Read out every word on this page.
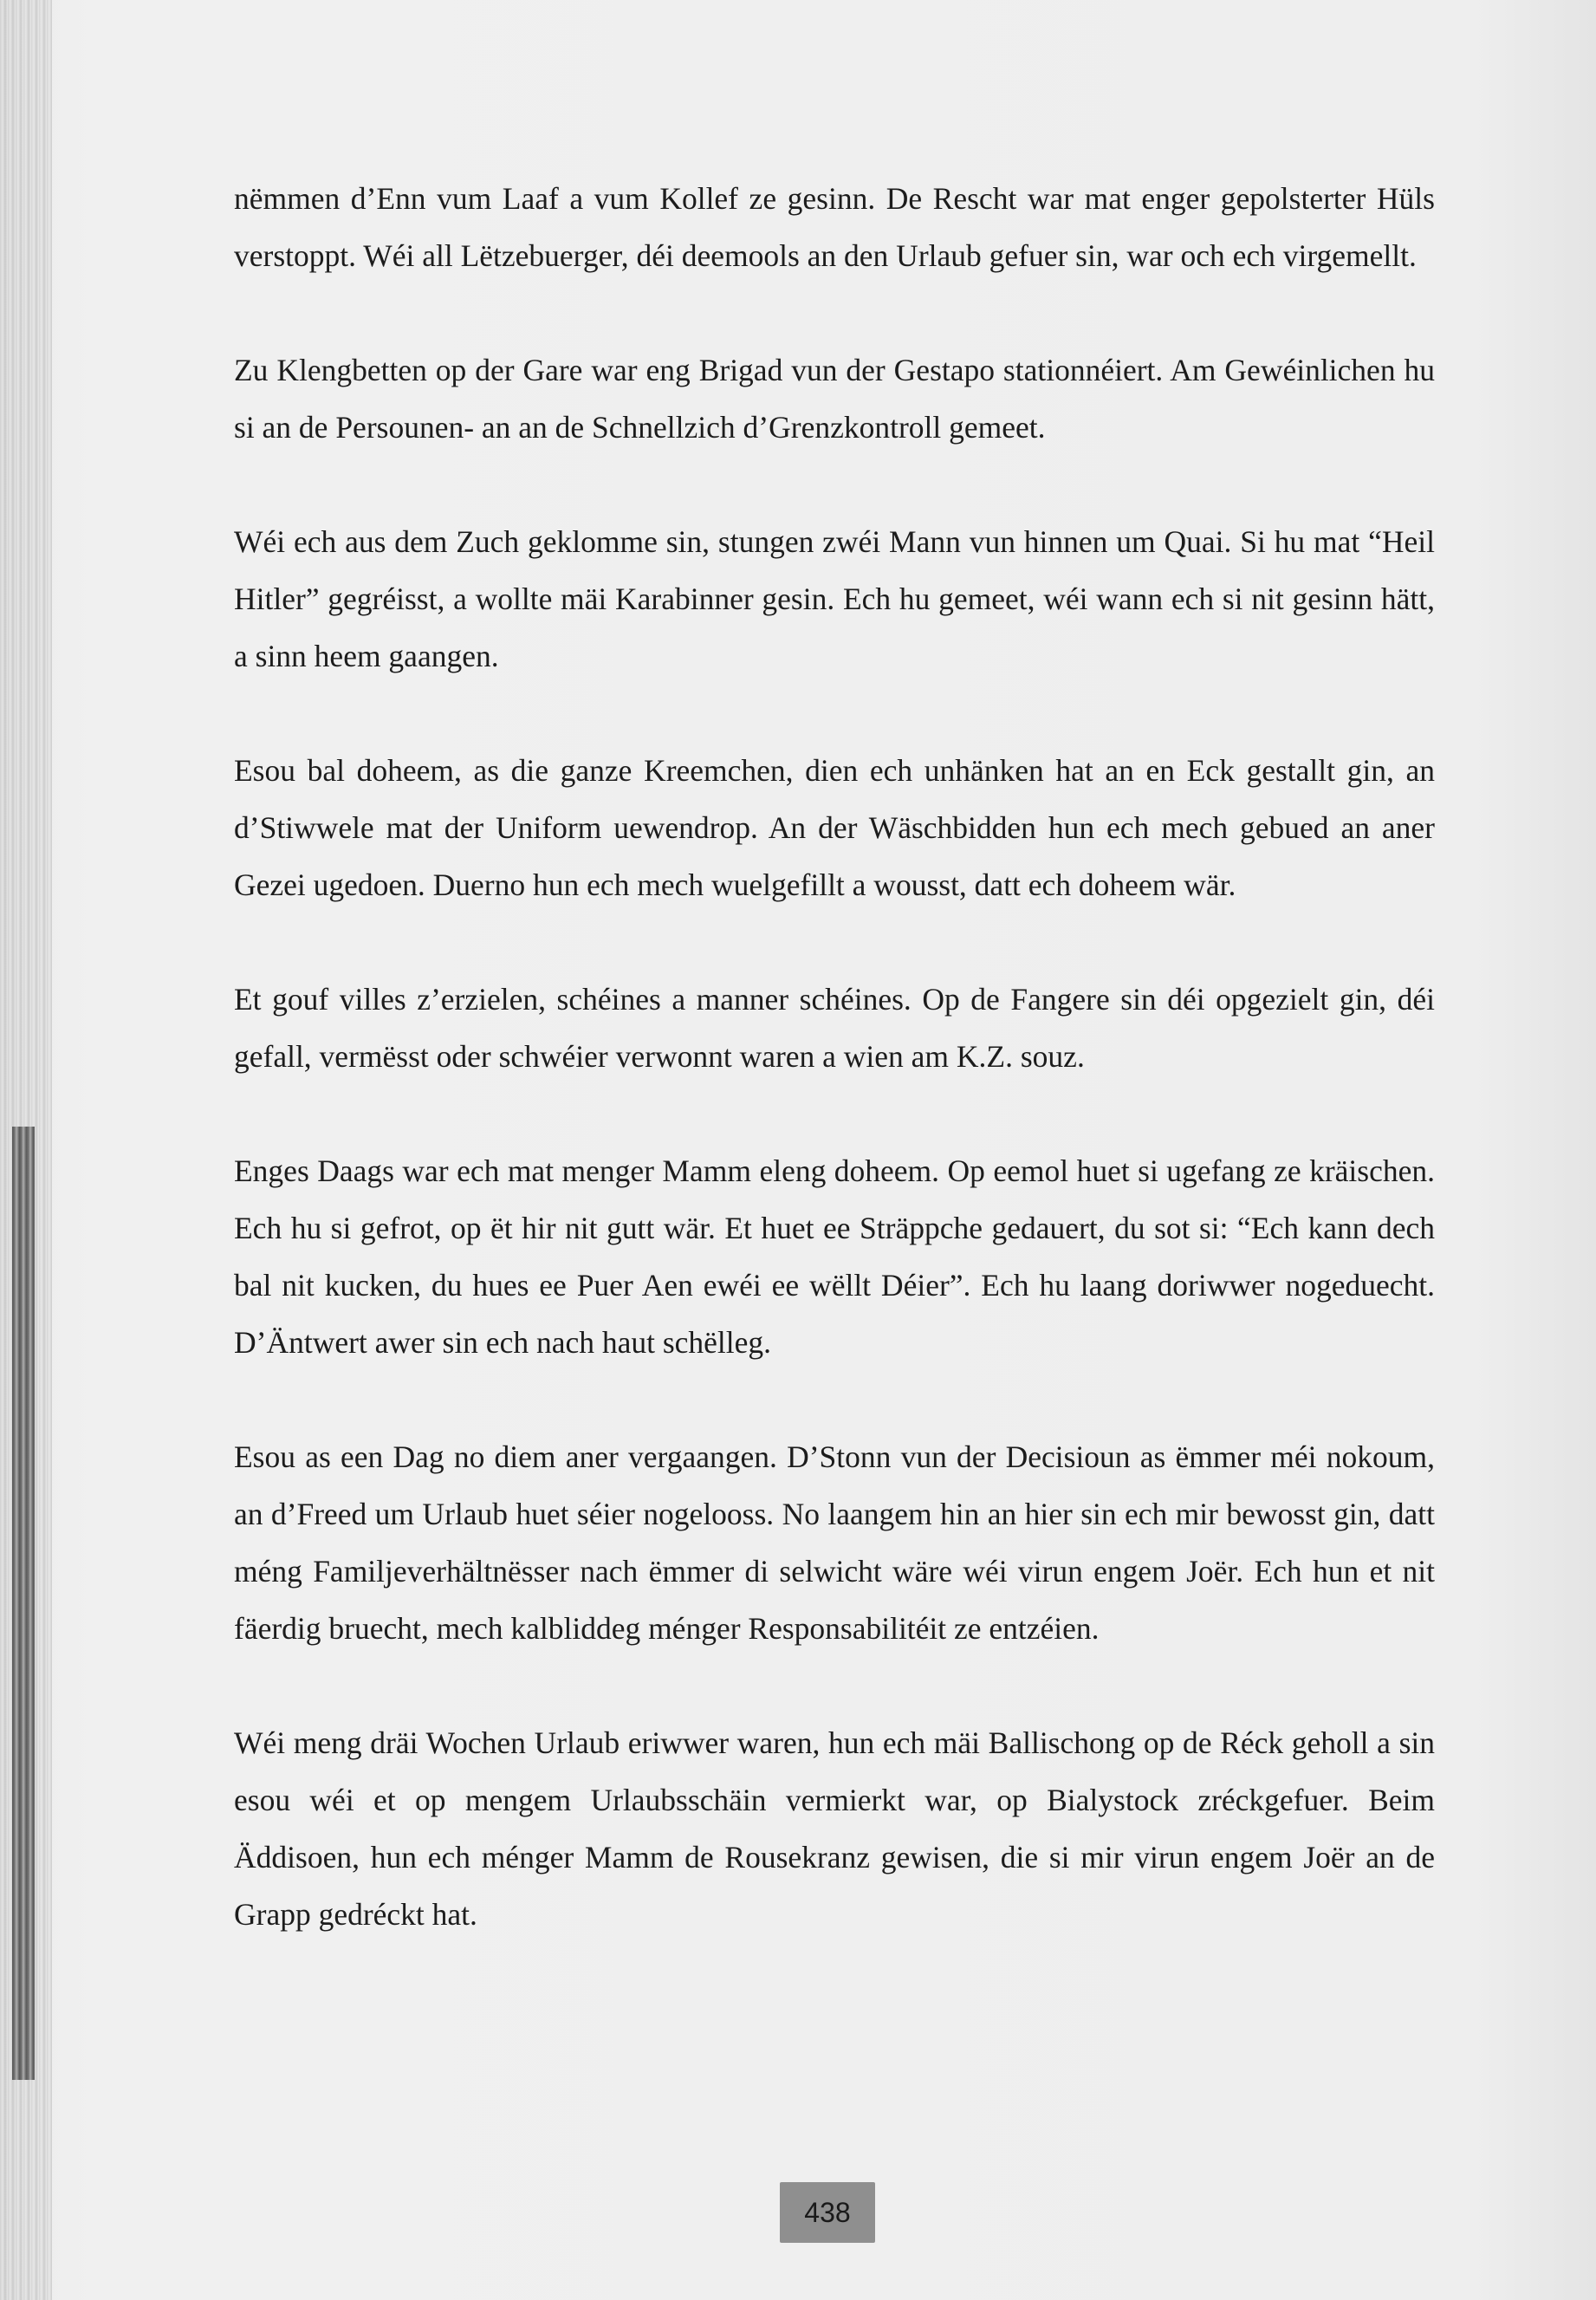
nëmmen d’Enn vum Laaf a vum Kollef ze gesinn. De Rescht war mat enger gepolsterter Hüls verstoppt. Wéi all Lëtzebuerger, déi deemools an den Urlaub gefuer sin, war och ech virgemellt.

Zu Klengbetten op der Gare war eng Brigad vun der Gestapo stationnéiert. Am Gewéinlichen hu si an de Persounen- an an de Schnellzich d’Grenzkontroll gemeet.

Wéi ech aus dem Zuch geklomme sin, stungen zwéi Mann vun hinnen um Quai. Si hu mat “Heil Hitler” gegréisst, a wollte mäi Karabinner gesin. Ech hu gemeet, wéi wann ech si nit gesinn hätt, a sinn heem gaangen.

Esou bal doheem, as die ganze Kreemchen, dien ech unhänken hat an en Eck gestallt gin, an d’Stiwwele mat der Uniform uewendrop. An der Wäschbidden hun ech mech gebued an aner Gezei ugedoen. Duerno hun ech mech wuelgefillt a wousst, datt ech doheem wär.

Et gouf villes z’erzielen, schéines a manner schéines. Op de Fangere sin déi opgezielt gin, déi gefall, vermësst oder schwéier verwonnt waren a wien am K.Z. souz.

Enges Daags war ech mat menger Mamm eleng doheem. Op eemol huet si ugefang ze kräischen. Ech hu si gefrot, op ët hir nit gutt wär. Et huet ee Sträppche gedauert, du sot si: “Ech kann dech bal nit kucken, du hues ee Puer Aen ewéi ee wëllt Déier”. Ech hu laang doriwwer nogeduecht. D’Äntwert awer sin ech nach haut schëlleg.

Esou as een Dag no diem aner vergaangen. D’Stonn vun der Decisioun as ëmmer méi nokoum, an d’Freed um Urlaub huet séier nogelooss. No laangem hin an hier sin ech mir bewosst gin, datt méng Familjeverhältnësser nach ëmmer di selwicht wäre wéi virun engem Joër. Ech hun et nit fäerdig bruecht, mech kalbliddeg ménger Responsabilitéit ze entzéien.

Wéi meng dräi Wochen Urlaub eriwwer waren, hun ech mäi Ballischong op de Réck geholl a sin esou wéi et op mengem Urlaubsschäin vermierkt war, op Bialystock zréckgefuer. Beim Äddisoen, hun ech ménger Mamm de Rousekranz gewisen, die si mir virun engem Joër an de Grapp gedréckt hat.

438
